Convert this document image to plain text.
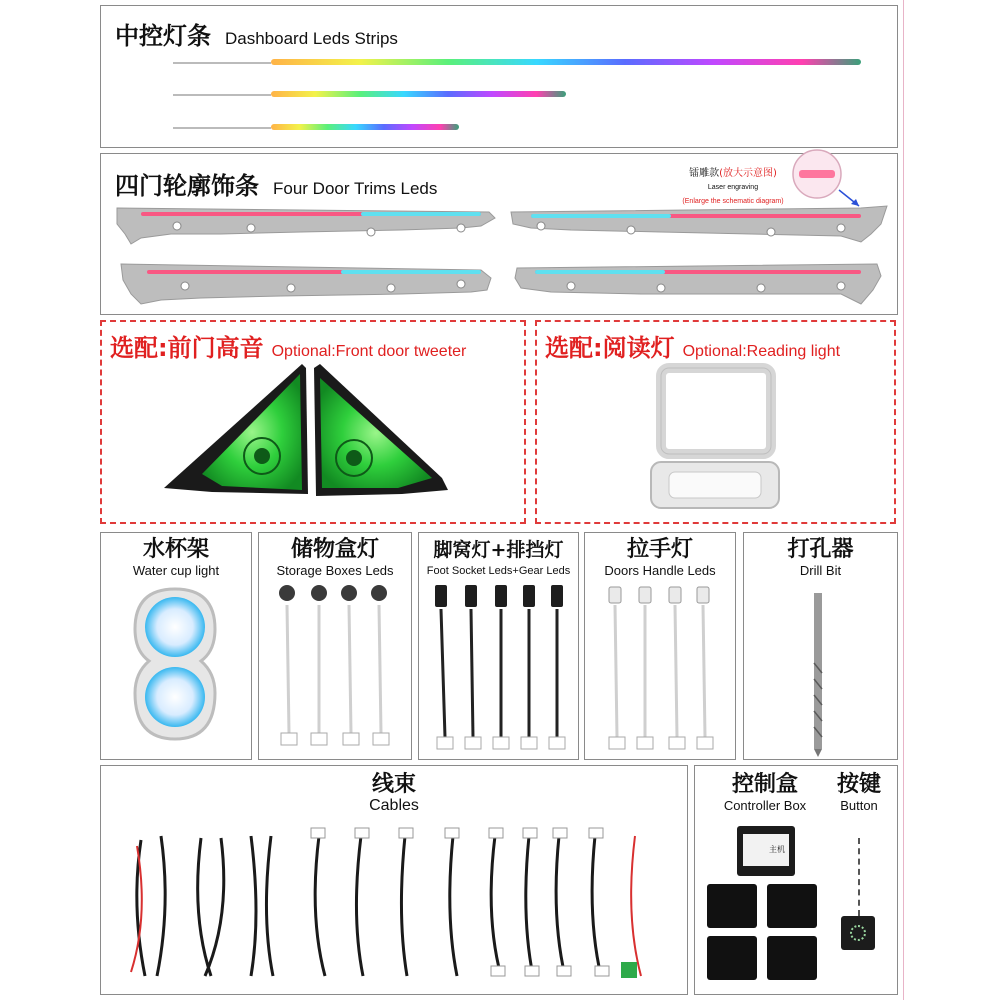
中控灯条 Dashboard Leds Strips
四门轮廓饰条 Four Door Trims Leds
镭雕款(放大示意图)
Laser engraving
(Enlarge the schematic diagram)
选配:前门高音 Optional:Front door tweeter	选配:阅读灯 Optional:Reading light
水杯架
Water cup light
储物盒灯
Storage Boxes Leds
脚窝灯+排挡灯
Foot Socket Leds+Gear Leds
拉手灯
Doors Handle Leds
打孔器
Drill Bit
线束
Cables
控制盒
Controller Box
按键
Button
主机
